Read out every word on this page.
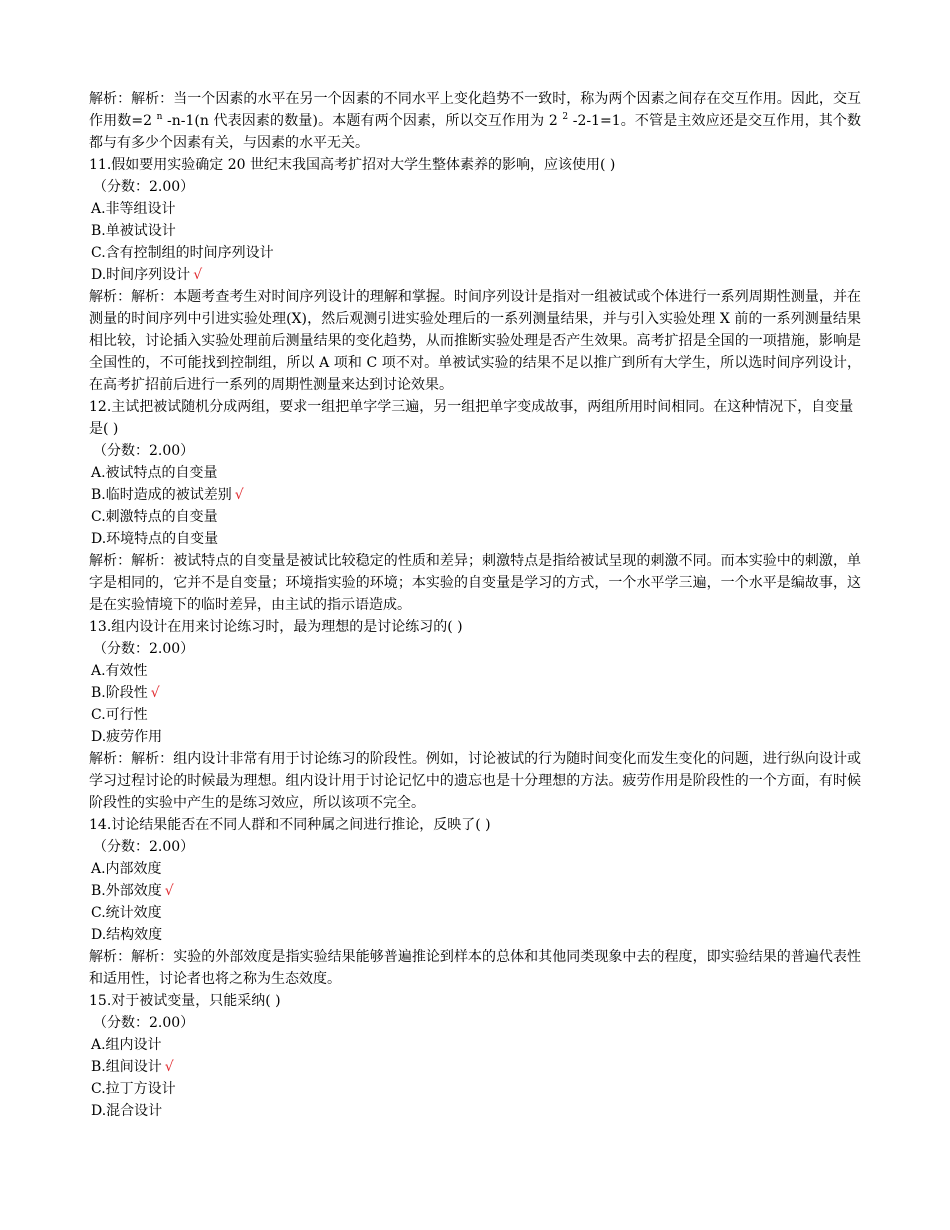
解析：解析：当一个因素的水平在另一个因素的不同水平上变化趋势不一致时，称为两个因素之间存在交互作用。因此，交互作用数=2 $^n$ -n-1(n 代表因素的数量)。本题有两个因素，所以交互作用为 2 $^2$ -2-1=1。不管是主效应还是交互作用，其个数都与有多少个因素有关，与因素的水平无关。
11.假如要用实验确定 20 世纪末我国高考扩招对大学生整体素养的影响，应该使用( )
（分数：2.00）
A.非等组设计
B.单被试设计
C.含有控制组的时间序列设计
D.时间序列设计 √
解析：解析：本题考查考生对时间序列设计的理解和掌握。时间序列设计是指对一组被试或个体进行一系列周期性测量，并在测量的时间序列中引进实验处理(X)，然后观测引进实验处理后的一系列测量结果，并与引入实验处理 X 前的一系列测量结果相比较，讨论插入实验处理前后测量结果的变化趋势，从而推断实验处理是否产生效果。高考扩招是全国的一项措施，影响是全国性的，不可能找到控制组，所以 A 项和 C 项不对。单被试实验的结果不足以推广到所有大学生，所以选时间序列设计，在高考扩招前后进行一系列的周期性测量来达到讨论效果。
12.主试把被试随机分成两组，要求一组把单字学三遍，另一组把单字变成故事，两组所用时间相同。在这种情况下，自变量是( )
（分数：2.00）
A.被试特点的自变量
B.临时造成的被试差别 √
C.刺激特点的自变量
D.环境特点的自变量
解析：解析：被试特点的自变量是被试比较稳定的性质和差异；刺激特点是指给被试呈现的刺激不同。而本实验中的刺激，单字是相同的，它并不是自变量；环境指实验的环境；本实验的自变量是学习的方式，一个水平学三遍，一个水平是编故事，这是在实验情境下的临时差异，由主试的指示语造成。
13.组内设计在用来讨论练习时，最为理想的是讨论练习的( )
（分数：2.00）
A.有效性
B.阶段性 √
C.可行性
D.疲劳作用
解析：解析：组内设计非常有用于讨论练习的阶段性。例如，讨论被试的行为随时间变化而发生变化的问题，进行纵向设计或学习过程讨论的时候最为理想。组内设计用于讨论记忆中的遗忘也是十分理想的方法。疲劳作用是阶段性的一个方面，有时候阶段性的实验中产生的是练习效应，所以该项不完全。
14.讨论结果能否在不同人群和不同种属之间进行推论，反映了( )
（分数：2.00）
A.内部效度
B.外部效度 √
C.统计效度
D.结构效度
解析：解析：实验的外部效度是指实验结果能够普遍推论到样本的总体和其他同类现象中去的程度，即实验结果的普遍代表性和适用性，讨论者也将之称为生态效度。
15.对于被试变量，只能采纳( )
（分数：2.00）
A.组内设计
B.组间设计 √
C.拉丁方设计
D.混合设计
